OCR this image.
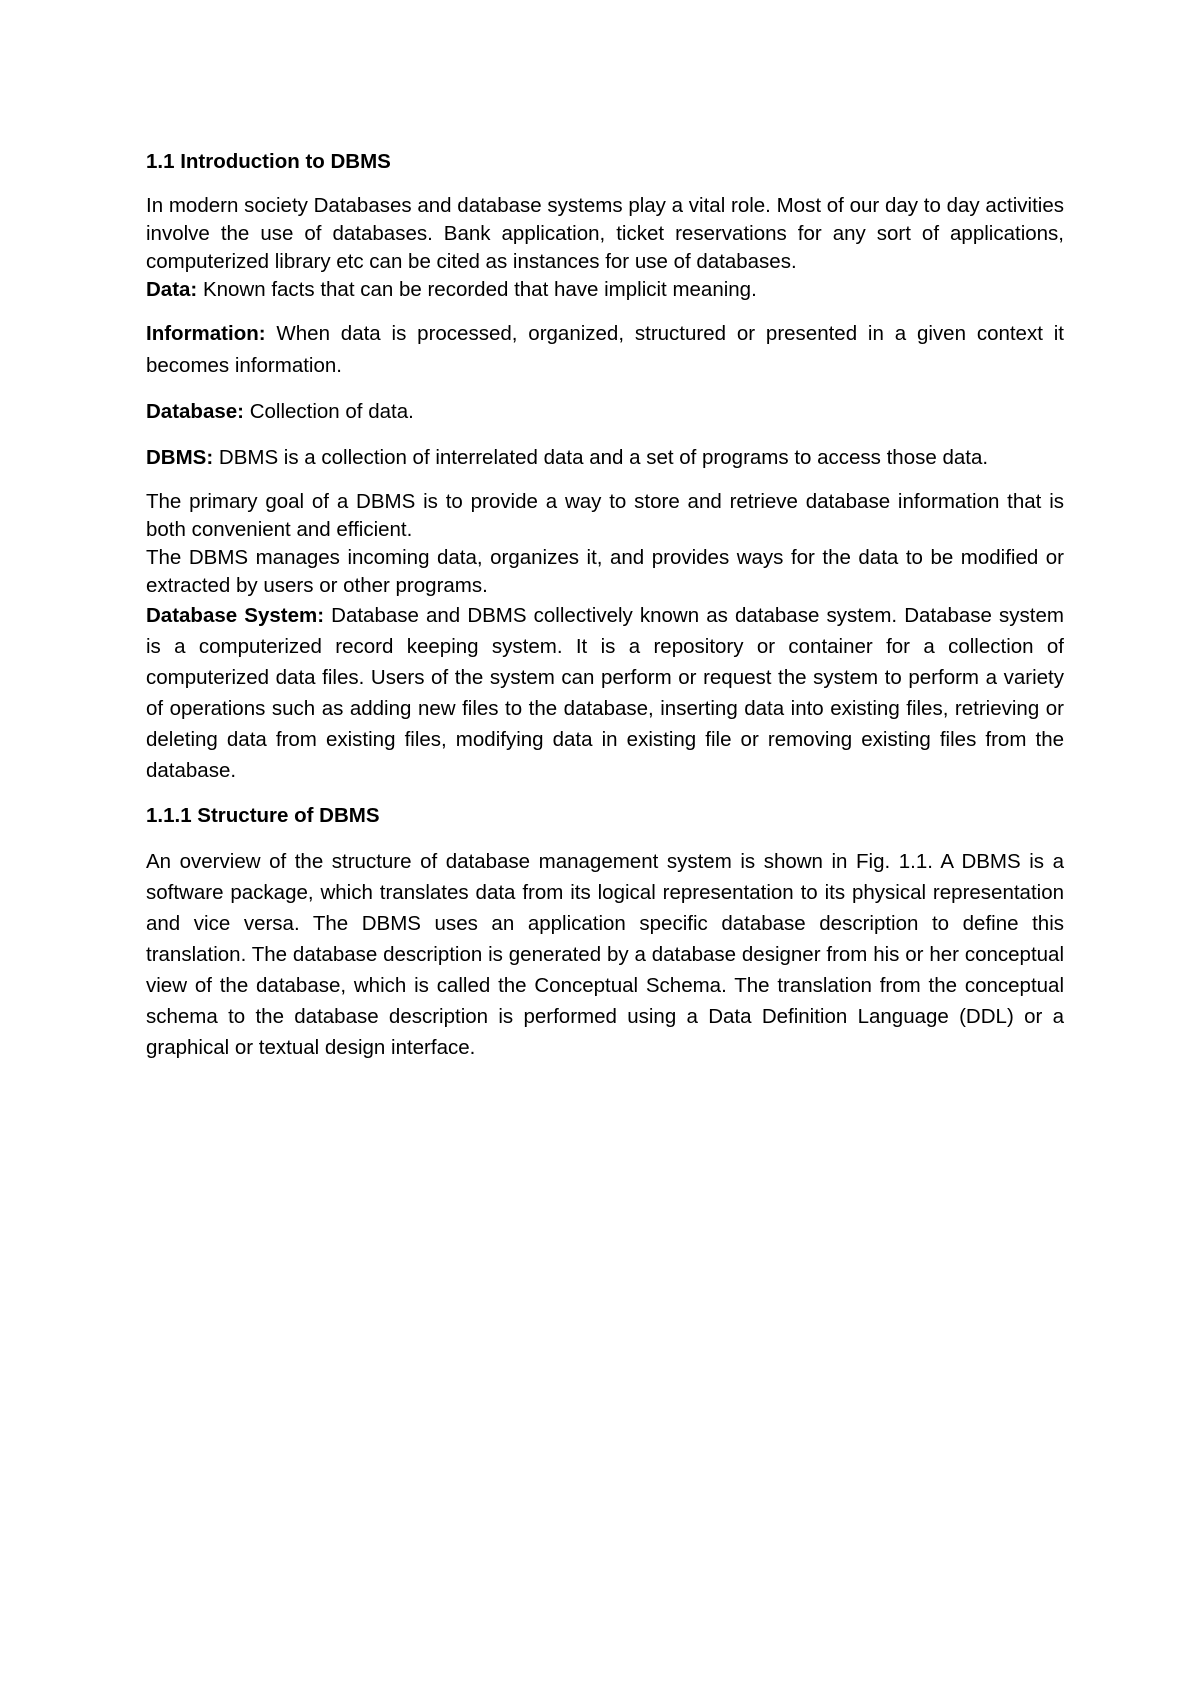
1.1 Introduction to DBMS

In modern society Databases and database systems play a vital role. Most of our day to day activities involve the use of databases. Bank application, ticket reservations for any sort of applications, computerized library etc can be cited as instances for use of databases.

Data: Known facts that can be recorded that have implicit meaning.

Information: When data is processed, organized, structured or presented in a given context it becomes information.

Database: Collection of data.

DBMS: DBMS is a collection of interrelated data and a set of programs to access those data.

The primary goal of a DBMS is to provide a way to store and retrieve database information that is both convenient and efficient.

The DBMS manages incoming data, organizes it, and provides ways for the data to be modified or extracted by users or other programs.

Database System: Database and DBMS collectively known as database system. Database system is a computerized record keeping system. It is a repository or container for a collection of computerized data files. Users of the system can perform or request the system to perform a variety of operations such as adding new files to the database, inserting data into existing files, retrieving or deleting data from existing files, modifying data in existing file or removing existing files from the database.

1.1.1 Structure of DBMS

An overview of the structure of database management system is shown in Fig. 1.1. A DBMS is a software package, which translates data from its logical representation to its physical representation and vice versa. The DBMS uses an application specific database description to define this translation. The database description is generated by a database designer from his or her conceptual view of the database, which is called the Conceptual Schema. The translation from the conceptual schema to the database description is performed using a Data Definition Language (DDL) or a graphical or textual design interface.
